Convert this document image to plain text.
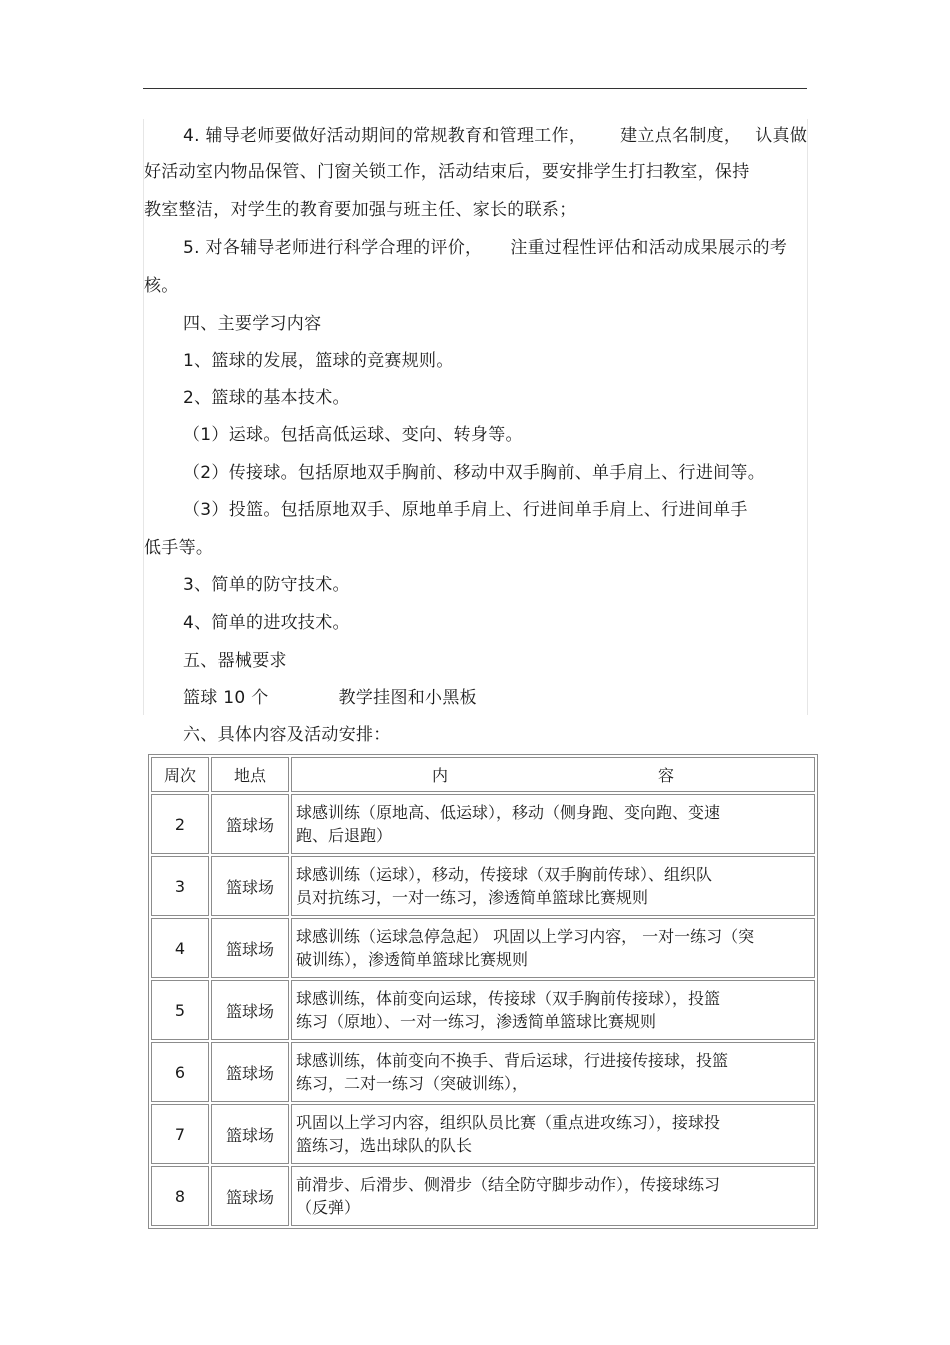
4. 辅导老师要做好活动期间的常规教育和管理工作， 建立点名制度， 认真做
好活动室内物品保管、门窗关锁工作，活动结束后，要安排学生打扫教室，保持
教室整洁，对学生的教育要加强与班主任、家长的联系；
5. 对各辅导老师进行科学合理的评价， 注重过程性评估和活动成果展示的考
核。
四、主要学习内容
1、篮球的发展，篮球的竞赛规则。
2、篮球的基本技术。
（1）运球。包括高低运球、变向、转身等。
（2）传接球。包括原地双手胸前、移动中双手胸前、单手肩上、行进间等。
（3）投篮。包括原地双手、原地单手肩上、行进间单手肩上、行进间单手
低手等。
3、简单的防守技术。
4、简单的进攻技术。
五、器械要求
篮球 10 个	教学挂图和小黑板
六、具体内容及活动安排：
周次	地点	内 容
2	篮球场	球感训练（原地高、低运球），移动（侧身跑、变向跑、变速
跑、后退跑）

3	篮球场	球感训练（运球），移动，传接球（双手胸前传球）、组织队
员对抗练习，一对一练习，渗透简单篮球比赛规则

4	篮球场	球感训练（运球急停急起） 巩固以上学习内容， 一对一练习（突
破训练），渗透简单篮球比赛规则

5	篮球场	球感训练，体前变向运球，传接球（双手胸前传接球），投篮
练习（原地）、一对一练习，渗透简单篮球比赛规则

6	篮球场	球感训练，体前变向不换手、背后运球，行进接传接球，投篮
练习，二对一练习（突破训练），

7	篮球场	巩固以上学习内容，组织队员比赛（重点进攻练习），接球投
篮练习，选出球队的队长

8	篮球场	前滑步、后滑步、侧滑步（结全防守脚步动作），传接球练习
（反弹）
